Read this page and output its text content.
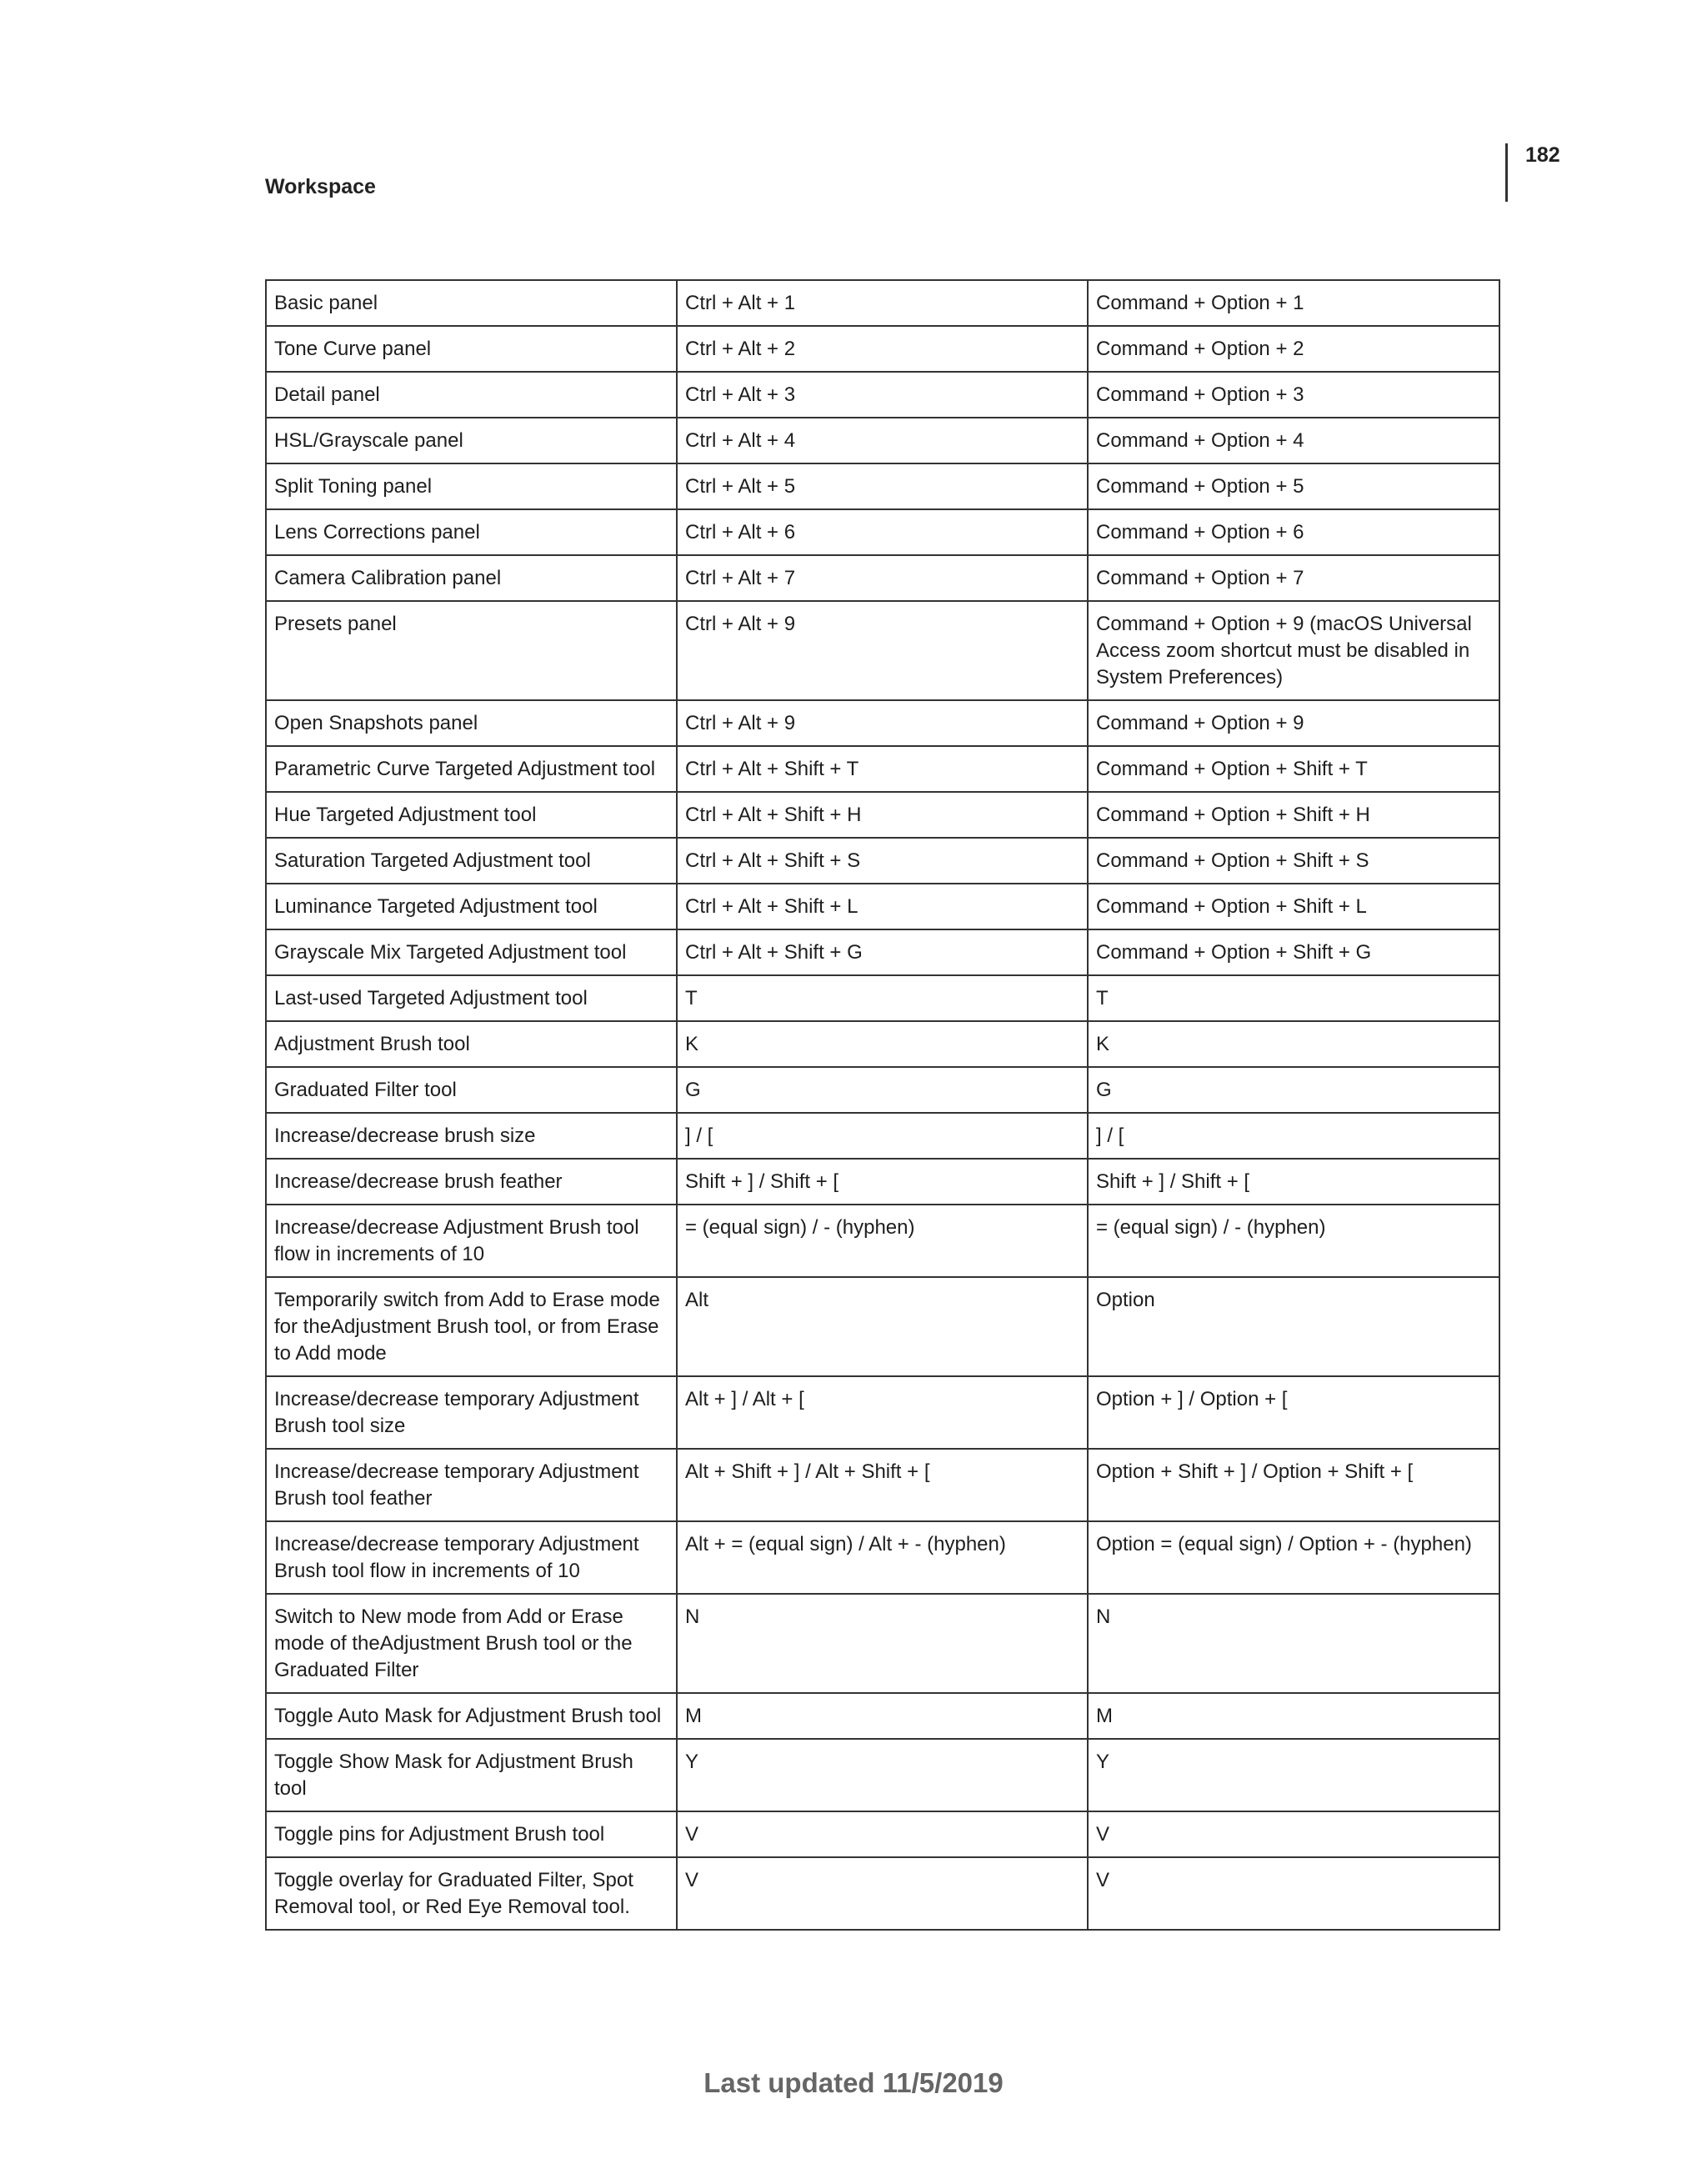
182
Workspace
Basic panel	Ctrl + Alt + 1	Command + Option + 1
Tone Curve panel	Ctrl + Alt + 2	Command + Option + 2
Detail panel	Ctrl + Alt + 3	Command + Option + 3
HSL/Grayscale panel	Ctrl + Alt + 4	Command + Option + 4
Split Toning panel	Ctrl + Alt + 5	Command + Option + 5
Lens Corrections panel	Ctrl + Alt + 6	Command + Option + 6
Camera Calibration panel	Ctrl + Alt + 7	Command + Option + 7
Presets panel	Ctrl + Alt + 9	Command + Option + 9 (macOS Universal Access zoom shortcut must be disabled in System Preferences)
Open Snapshots panel	Ctrl + Alt + 9	Command + Option + 9
Parametric Curve Targeted Adjustment tool	Ctrl + Alt + Shift + T	Command + Option + Shift + T
Hue Targeted Adjustment tool	Ctrl + Alt + Shift + H	Command + Option + Shift + H
Saturation Targeted Adjustment tool	Ctrl + Alt + Shift + S	Command + Option + Shift + S
Luminance Targeted Adjustment tool	Ctrl + Alt + Shift + L	Command + Option + Shift + L
Grayscale Mix Targeted Adjustment tool	Ctrl + Alt + Shift + G	Command + Option + Shift + G
Last-used Targeted Adjustment tool	T	T
Adjustment Brush tool	K	K
Graduated Filter tool	G	G
Increase/decrease brush size	] / [	] / [
Increase/decrease brush feather	Shift + ] / Shift + [	Shift + ] / Shift + [
Increase/decrease Adjustment Brush tool flow in increments of 10	= (equal sign) / - (hyphen)	= (equal sign) / - (hyphen)
Temporarily switch from Add to Erase mode for theAdjustment Brush tool, or from Erase to Add mode	Alt	Option
Increase/decrease temporary Adjustment Brush tool size	Alt + ] / Alt + [	Option + ] / Option + [
Increase/decrease temporary Adjustment Brush tool feather	Alt + Shift + ] / Alt + Shift + [	Option + Shift + ] / Option + Shift + [
Increase/decrease temporary Adjustment Brush tool flow in increments of 10	Alt + = (equal sign) / Alt + - (hyphen)	Option = (equal sign) / Option + - (hyphen)
Switch to New mode from Add or Erase mode of theAdjustment Brush tool or the Graduated Filter	N	N
Toggle Auto Mask for Adjustment Brush tool	M	M
Toggle Show Mask for Adjustment Brush tool	Y	Y
Toggle pins for Adjustment Brush tool	V	V
Toggle overlay for Graduated Filter, Spot Removal tool, or Red Eye Removal tool.	V	V
Last updated 11/5/2019
